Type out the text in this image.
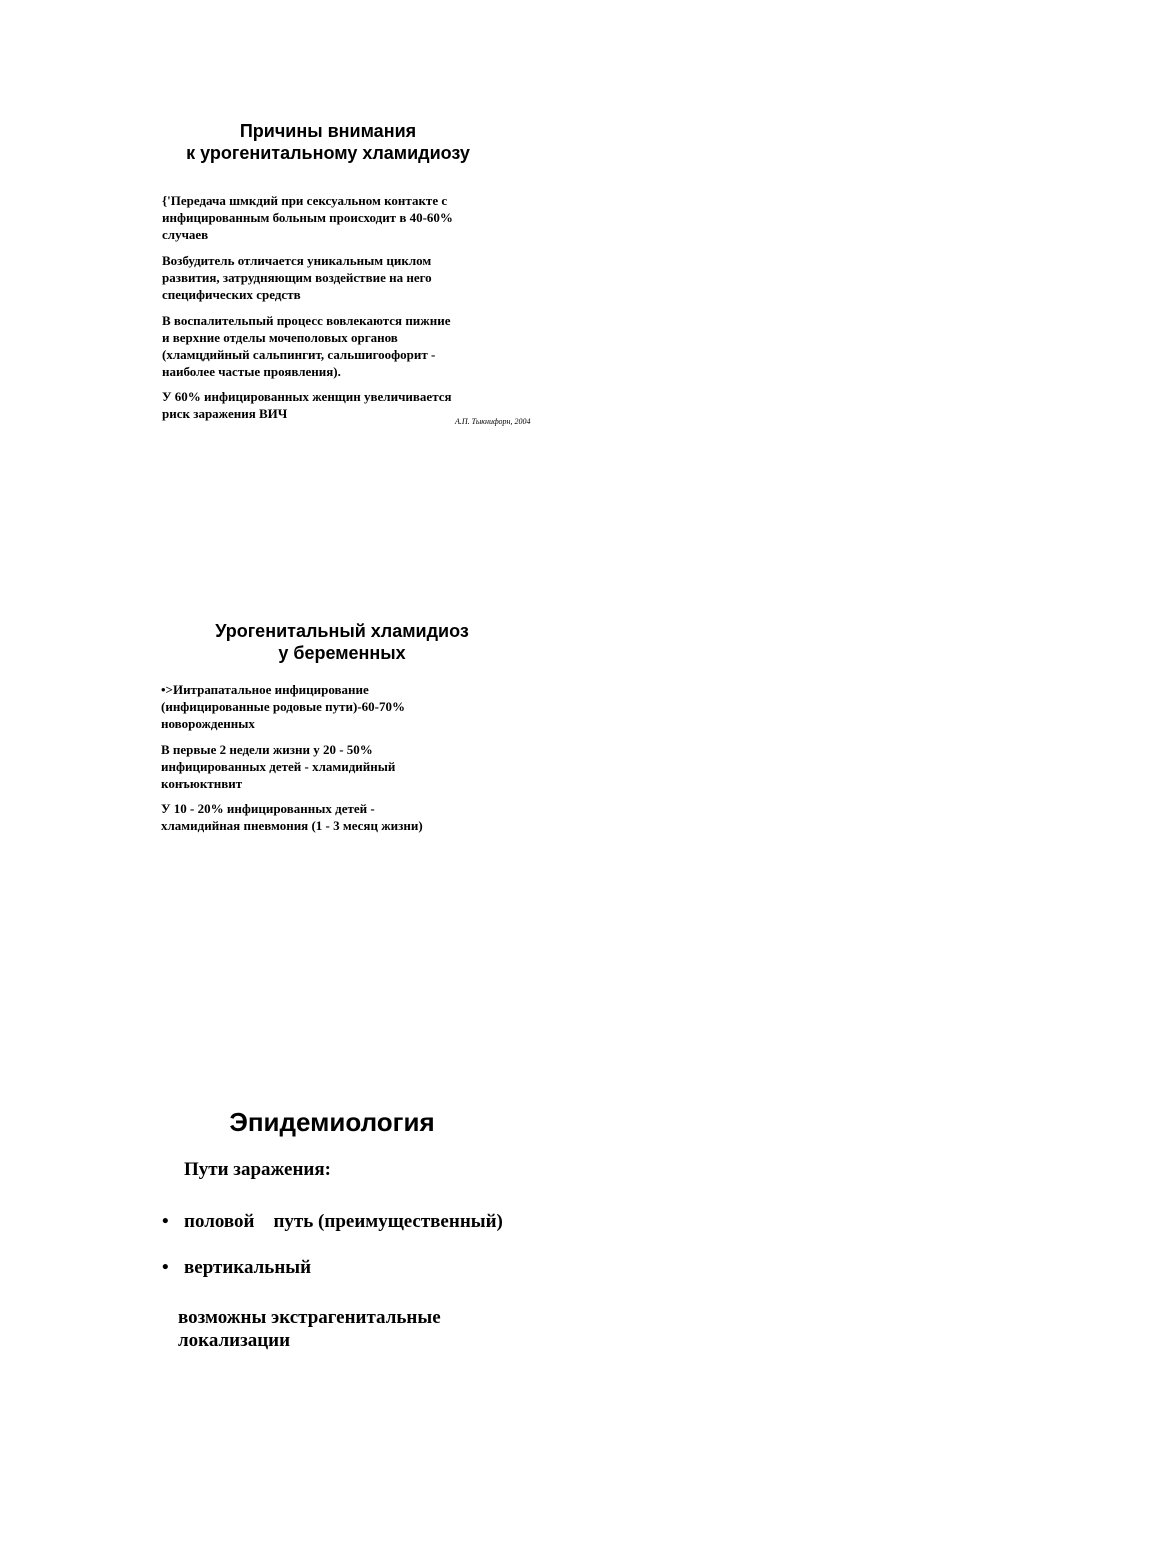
Причины внимания
к урогенитальному хламидиозу

{'Передача шмкдий при сексуальном контакте с
инфицированным больным происходит в 40-60%
случаев

Возбудитель отличается уникальным циклом
развития, затрудняющим воздействие на него
специфических средств

В воспалительпый процесс вовлекаются пижние
и верхние отделы мочеполовых органов
(хламцдийный сальпингит, сальшигоофорит -
наиболее частые проявления).

У 60% инфицированных женщин увеличивается
риск заражения ВИЧ

А.П. Тыкнифорн, 2004
Урогенитальный хламидиоз
у беременных

•>Иитрапатальное инфицирование
(инфицированные родовые пути)-60-70%
новорожденных

В первые 2 недели жизни у 20 - 50%
инфицированных детей - хламидийный
конъюктнвит

У 10 - 20% инфицированных детей -
хламидийная пневмония (1 - 3 месяц жизни)

Эпидемиология

Пути заражения:

• половой    путь (преимущественный)
• вертикальный

возможны экстрагенитальные
локализации
